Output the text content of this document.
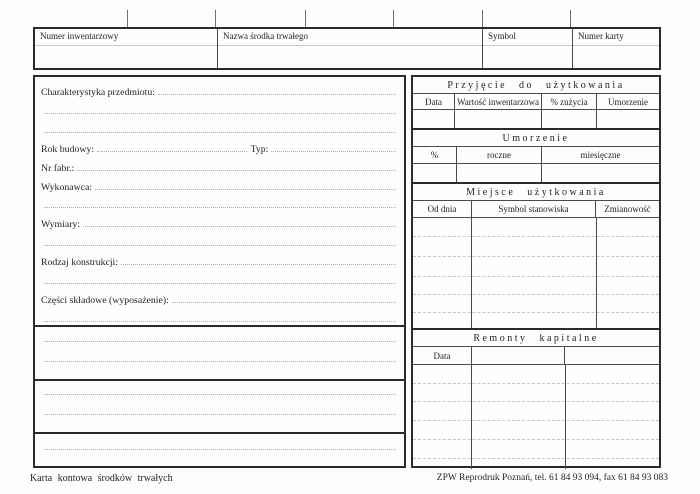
Numer inwentarzowy	Nazwa środka trwałego	Symbol	Numer karty
Charakterystyka przedmiotu:
Rok budowy:	Typ:
Nr fabr.:
Wykonawca:
Wymiary:
Rodzaj konstrukcji:
Części składowe (wyposażenie):
Przyjęcie do użytkowania
Data	Wartość inwentarzowa	% zużycia	Umorzenie
Umorzenie
%	roczne	miesięczne
Miejsce użytkowania
Od dnia	Symbol stanowiska	Zmianowość
Remonty kapitalne
Data
Karta kontowa środków trwałych	ZPW Reprodruk Poznań, tel. 61 84 93 094, fax 61 84 93 083
